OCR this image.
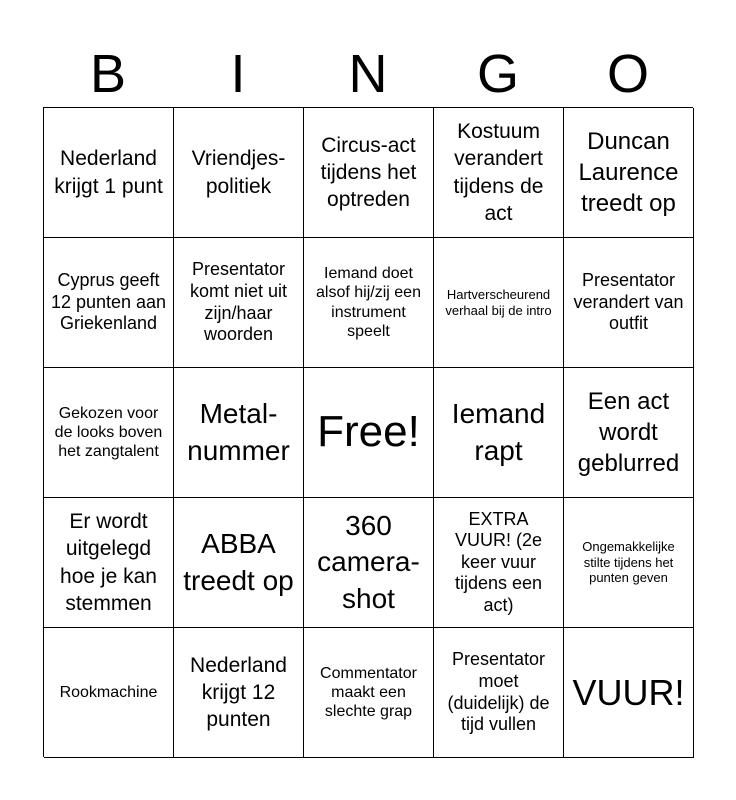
B	I	N	G	O
Nederland krijgt 1 punt
Vriendjes-politiek
Circus-act tijdens het optreden
Kostuum verandert tijdens de act
Duncan Laurence treedt op
Cyprus geeft 12 punten aan Griekenland
Presentator komt niet uit zijn/haar woorden
Iemand doet alsof hij/zij een instrument speelt
Hartverscheurend verhaal bij de intro
Presentator verandert van outfit
Gekozen voor de looks boven het zangtalent
Metal-nummer Free!	Iemand rapt
Een act wordt geblurred
Er wordt uitgelegd hoe je kan stemmen
ABBA treedt op
360 camera-shot
EXTRA VUUR! (2e keer vuur tijdens een act)
Ongemakkelijke stilte tijdens het punten geven
Rookmachine
Nederland krijgt 12 punten
Commentator maakt een slechte grap
Presentator moet (duidelijk) de tijd vullen
VUUR!
